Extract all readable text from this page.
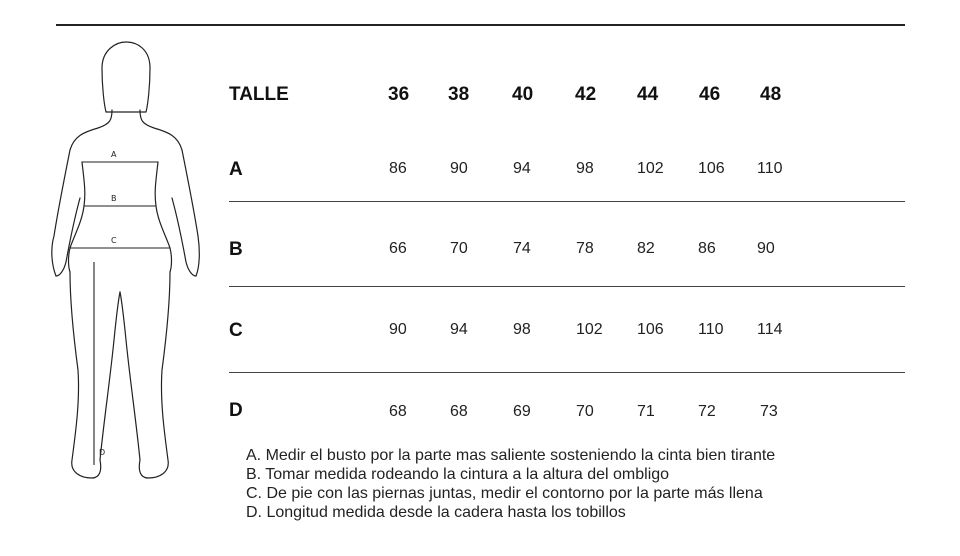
A
B
C
D
TALLE	36 38 40 42 44 46 48
A	86	90	94	98	102 106 110
B	66	70	74	78	82	86	90
C	90	94	98	102 106 110 114
D	68	68	69	70	71	72	73
A. Medir el busto por la parte mas saliente sosteniendo la cinta bien tirante
B. Tomar medida rodeando la cintura a la altura del ombligo
C. De pie con las piernas juntas, medir el contorno por la parte más llena
D. Longitud medida desde la cadera hasta los tobillos
